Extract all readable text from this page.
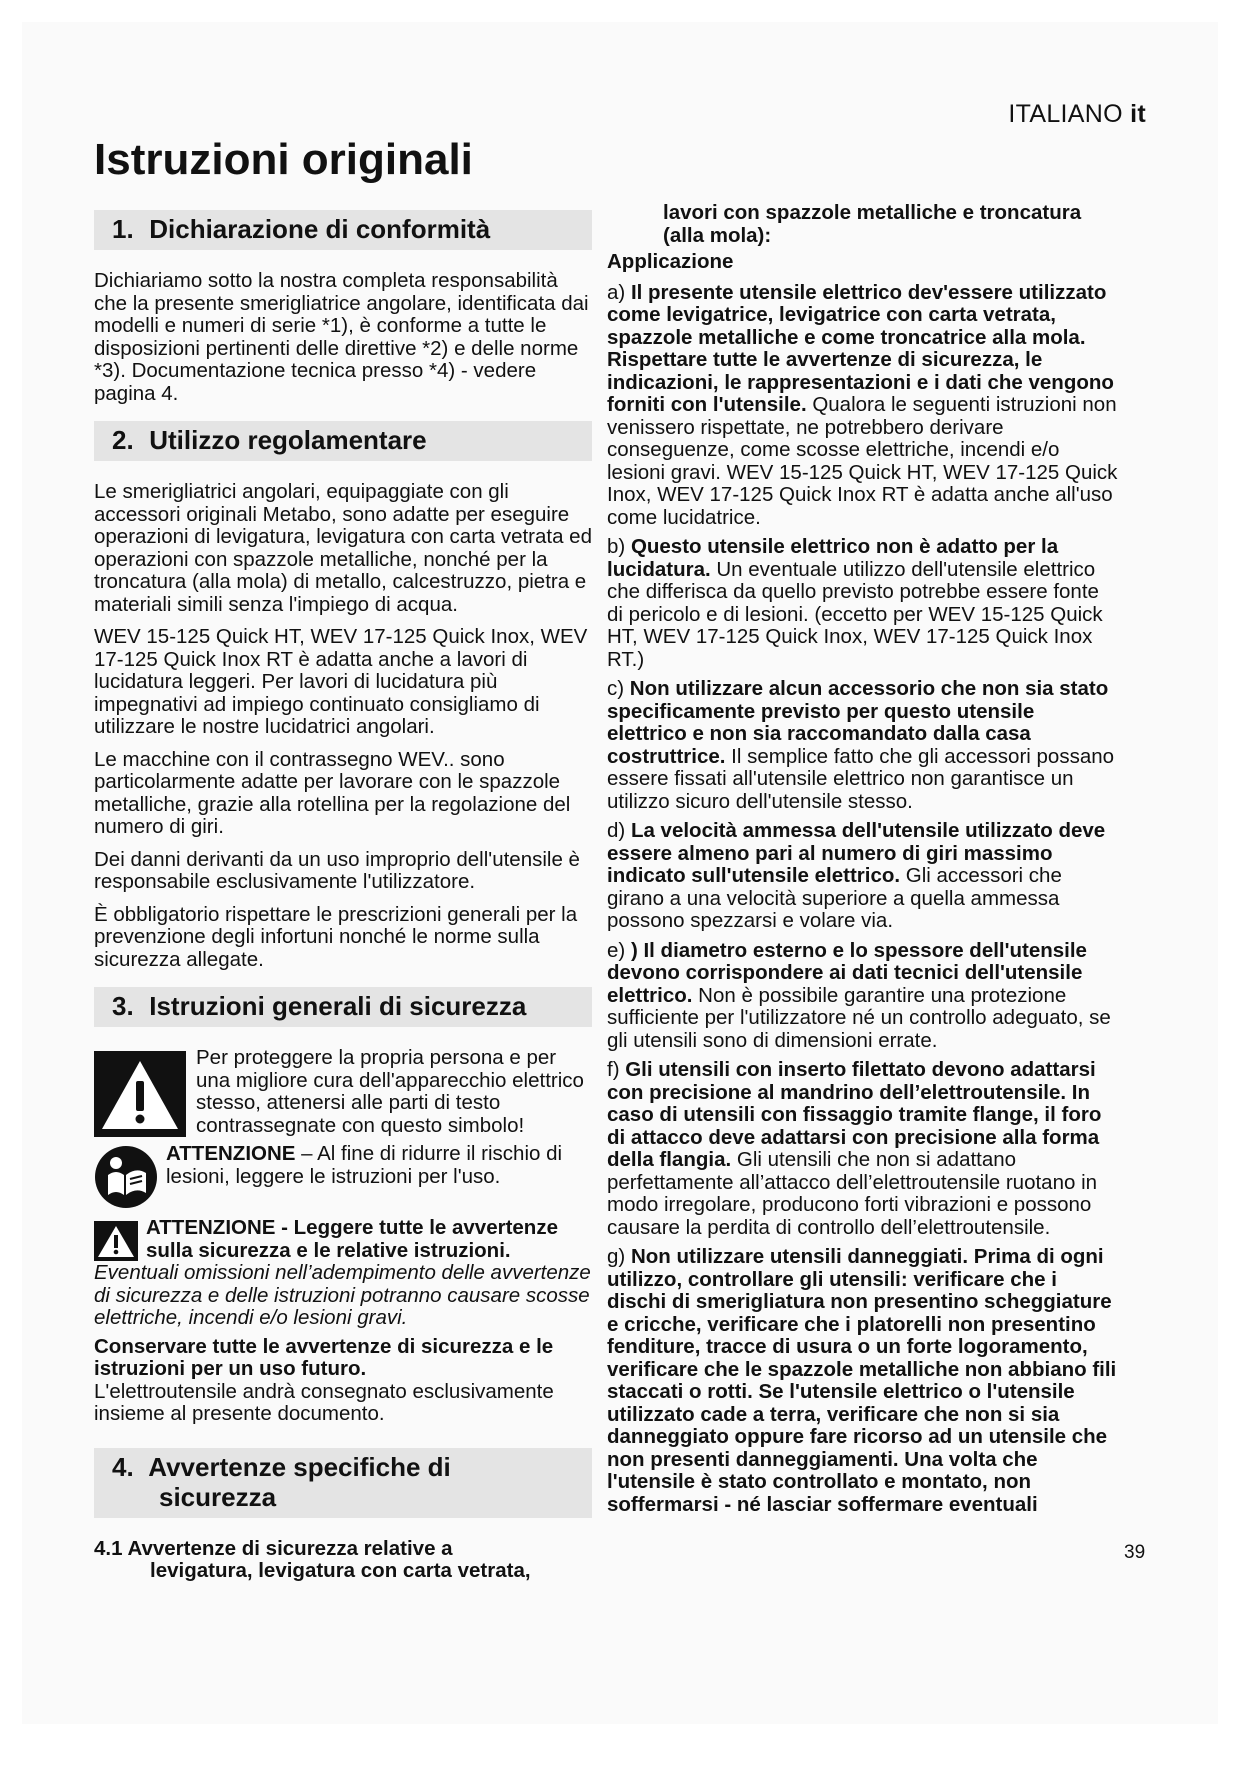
ITALIANO it
Istruzioni originali
1. Dichiarazione di conformità

Dichiariamo sotto la nostra completa responsabilità che la presente smerigliatrice angolare, identificata dai modelli e numeri di serie *1), è conforme a tutte le disposizioni pertinenti delle direttive *2) e delle norme *3). Documentazione tecnica presso *4) - vedere pagina 4.

2. Utilizzo regolamentare

Le smerigliatrici angolari, equipaggiate con gli accessori originali Metabo, sono adatte per eseguire operazioni di levigatura, levigatura con carta vetrata ed operazioni con spazzole metalliche, nonché per la troncatura (alla mola) di metallo, calcestruzzo, pietra e materiali simili senza l'impiego di acqua.

WEV 15-125 Quick HT, WEV 17-125 Quick Inox, WEV 17-125 Quick Inox RT è adatta anche a lavori di lucidatura leggeri. Per lavori di lucidatura più impegnativi ad impiego continuato consigliamo di utilizzare le nostre lucidatrici angolari.

Le macchine con il contrassegno WEV.. sono particolarmente adatte per lavorare con le spazzole metalliche, grazie alla rotellina per la regolazione del numero di giri.

Dei danni derivanti da un uso improprio dell'utensile è responsabile esclusivamente l'utilizzatore.

È obbligatorio rispettare le prescrizioni generali per la prevenzione degli infortuni nonché le norme sulla sicurezza allegate.

3. Istruzioni generali di sicurezza
Per proteggere la propria persona e per una migliore cura dell'apparecchio elettrico stesso, attenersi alle parti di testo contrassegnate con questo simbolo!
ATTENZIONE – Al fine di ridurre il rischio di lesioni, leggere le istruzioni per l'uso.

ATTENZIONE - Leggere tutte le avvertenze sulla sicurezza e le relative istruzioni.

Eventuali omissioni nell’adempimento delle avvertenze di sicurezza e delle istruzioni potranno causare scosse elettriche, incendi e/o lesioni gravi.

Conservare tutte le avvertenze di sicurezza e le istruzioni per un uso futuro.

L'elettroutensile andrà consegnato esclusivamente insieme al presente documento.

4. Avvertenze specifiche di
sicurezza

4.1 Avvertenze di sicurezza relative a
levigatura, levigatura con carta vetrata,

lavori con spazzole metalliche e troncatura (alla mola):

Applicazione

a) Il presente utensile elettrico dev'essere utilizzato come levigatrice, levigatrice con carta vetrata, spazzole metalliche e come troncatrice alla mola. Rispettare tutte le avvertenze di sicurezza, le indicazioni, le rappresentazioni e i dati che vengono forniti con l'utensile. Qualora le seguenti istruzioni non venissero rispettate, ne potrebbero derivare conseguenze, come scosse elettriche, incendi e/o lesioni gravi. WEV 15-125 Quick HT, WEV 17-125 Quick Inox, WEV 17-125 Quick Inox RT è adatta anche all'uso come lucidatrice.

b) Questo utensile elettrico non è adatto per la lucidatura. Un eventuale utilizzo dell'utensile elettrico che differisca da quello previsto potrebbe essere fonte di pericolo e di lesioni. (eccetto per WEV 15-125 Quick HT, WEV 17-125 Quick Inox, WEV 17-125 Quick Inox RT.)

c) Non utilizzare alcun accessorio che non sia stato specificamente previsto per questo utensile elettrico e non sia raccomandato dalla casa costruttrice. Il semplice fatto che gli accessori possano essere fissati all'utensile elettrico non garantisce un utilizzo sicuro dell'utensile stesso.

d) La velocità ammessa dell'utensile utilizzato deve essere almeno pari al numero di giri massimo indicato sull'utensile elettrico. Gli accessori che girano a una velocità superiore a quella ammessa possono spezzarsi e volare via.

e) ) Il diametro esterno e lo spessore dell'utensile devono corrispondere ai dati tecnici dell'utensile elettrico. Non è possibile garantire una protezione sufficiente per l'utilizzatore né un controllo adeguato, se gli utensili sono di dimensioni errate.

f) Gli utensili con inserto filettato devono adattarsi con precisione al mandrino dell’elettroutensile. In caso di utensili con fissaggio tramite flange, il foro di attacco deve adattarsi con precisione alla forma della flangia. Gli utensili che non si adattano perfettamente all’attacco dell’elettroutensile ruotano in modo irregolare, producono forti vibrazioni e possono causare la perdita di controllo dell’elettroutensile.

g) Non utilizzare utensili danneggiati. Prima di ogni utilizzo, controllare gli utensili: verificare che i dischi di smerigliatura non presentino scheggiature e cricche, verificare che i platorelli non presentino fenditure, tracce di usura o un forte logoramento, verificare che le spazzole metalliche non abbiano fili staccati o rotti. Se l'utensile elettrico o l'utensile utilizzato cade a terra, verificare che non si sia danneggiato oppure fare ricorso ad un utensile che non presenti danneggiamenti. Una volta che l'utensile è stato controllato e montato, non soffermarsi - né lasciar soffermare eventuali

39
